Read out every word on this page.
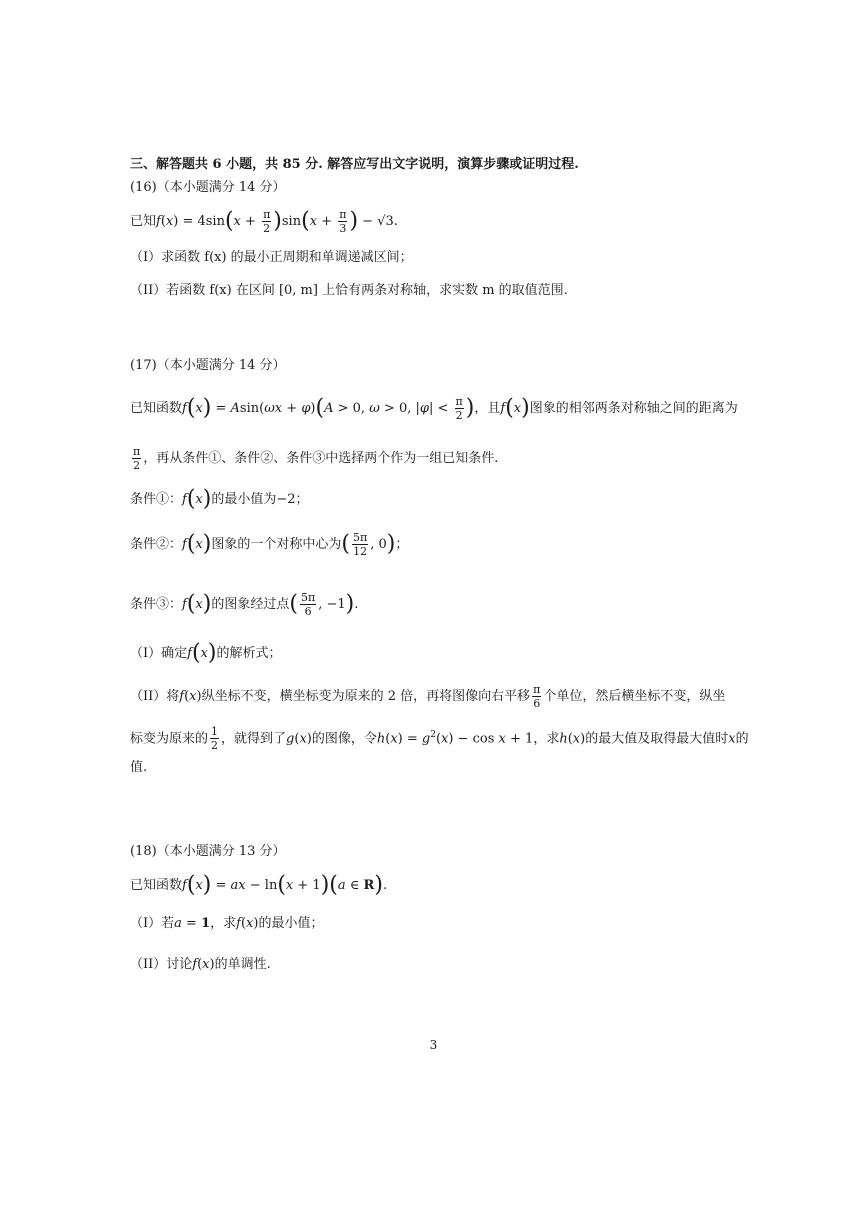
三、解答题共 6 小题，共 85 分. 解答应写出文字说明，演算步骤或证明过程.
(16)（本小题满分 14 分）
已知$f(x) = 4\sin(x + \frac{\pi}{2} )\sin(x + \frac{\pi}{3}$ ) − √3.
（I）求函数 f(x) 的最小正周期和单调递减区间；
（II）若函数 f(x) 在区间 [0, m] 上恰有两条对称轴，求实数 m 的取值范围.
(17)（本小题满分 14 分）
已知函数f(x) = Asin(ωx + φ)(A > 0, ω > 0, $|\varphi| < \frac{\pi}{2}$ )，且f(x)图象的相邻两条对称轴之间的距离为
$\frac{\pi}{2}$ ，再从条件①、条件②、条件③中选择两个作为一组已知条件.
条件①：f(x)的最小值为−2；
条件②：f(x)图象的一个对称中心为( $\frac{5\pi}{12}$ , 0)；
条件③：f(x)的图象经过点( $\frac{5\pi}{6}$ , −1).
（I）确定f(x)的解析式；
（II）将f(x)纵坐标不变，横坐标变为原来的 2 倍，再将图像向右平移 $\frac{\pi}{6}$ 个单位，然后横坐标不变，纵坐
标变为原来的 $\frac{1}{2}$ ，就得到了g(x)的图像，令$h(x) = g^2(x) - \cos x + 1$，求h(x)的最大值及取得最大值时x的
值.
(18)（本小题满分 13 分）
已知函数f(x) = ax − ln(x + 1)(a ∈ R).
（I）若a = 1，求f(x)的最小值；
（II）讨论f(x)的单调性.
3
